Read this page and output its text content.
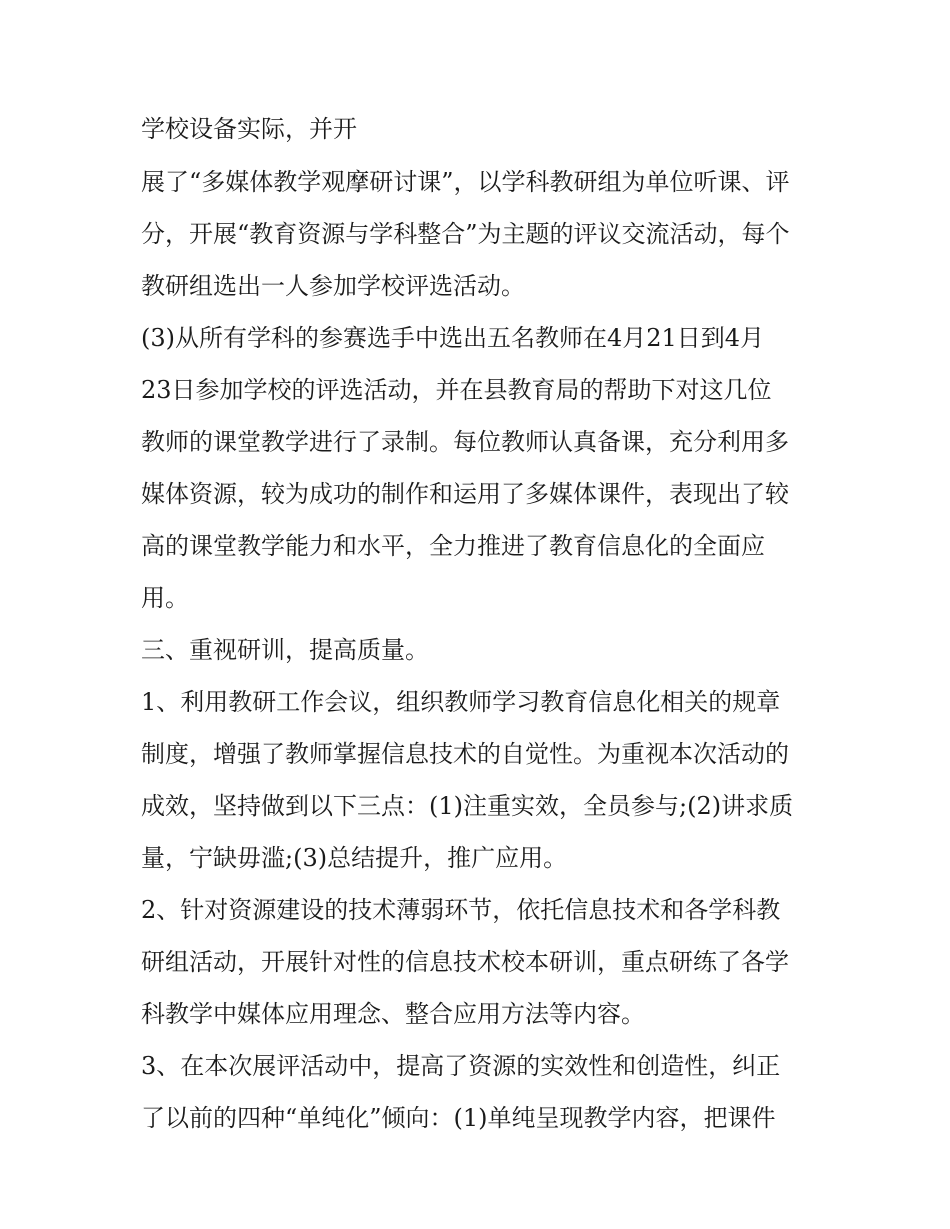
学校设备实际，并开
展了“多媒体教学观摩研讨课”，以学科教研组为单位听课、评
分，开展“教育资源与学科整合”为主题的评议交流活动，每个
教研组选出一人参加学校评选活动。
(3)从所有学科的参赛选手中选出五名教师在4月21日到4月
23日参加学校的评选活动，并在县教育局的帮助下对这几位
教师的课堂教学进行了录制。每位教师认真备课，充分利用多
媒体资源，较为成功的制作和运用了多媒体课件，表现出了较
高的课堂教学能力和水平，全力推进了教育信息化的全面应
用。
三、重视研训，提高质量。
1、利用教研工作会议，组织教师学习教育信息化相关的规章
制度，增强了教师掌握信息技术的自觉性。为重视本次活动的
成效，坚持做到以下三点：(1)注重实效，全员参与;(2)讲求质
量，宁缺毋滥;(3)总结提升，推广应用。
2、针对资源建设的技术薄弱环节，依托信息技术和各学科教
研组活动，开展针对性的信息技术校本研训，重点研练了各学
科教学中媒体应用理念、整合应用方法等内容。
3、在本次展评活动中，提高了资源的实效性和创造性，纠正
了以前的四种“单纯化”倾向：(1)单纯呈现教学内容，把课件
